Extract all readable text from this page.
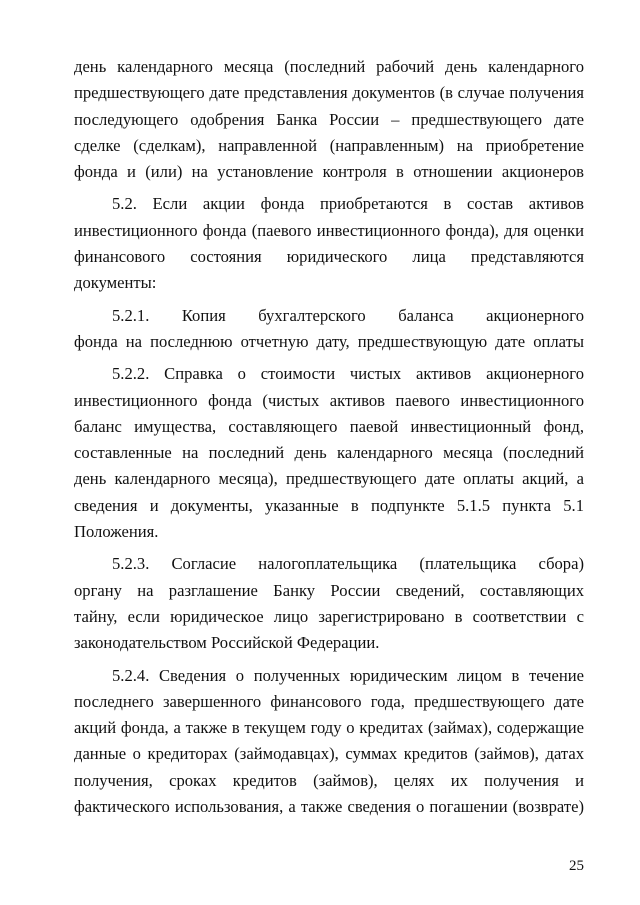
день календарного месяца (последний рабочий день календарного
предшествующего дате представления документов (в случае получения
последующего одобрения Банка России – предшествующего дате
сделке (сделкам), направленной (направленным) на приобретение
фонда и (или) на установление контроля в отношении акционеров

5.2. Если акции фонда приобретаются в состав активов
инвестиционного фонда (паевого инвестиционного фонда), для оценки
финансового состояния юридического лица представляются
документы:

5.2.1. Копия бухгалтерского баланса акционерного
фонда на последнюю отчетную дату, предшествующую дате оплаты

5.2.2. Справка о стоимости чистых активов акционерного
инвестиционного фонда (чистых активов паевого инвестиционного
баланс имущества, составляющего паевой инвестиционный фонд,
составленные на последний день календарного месяца (последний
день календарного месяца), предшествующего дате оплаты акций, а
сведения и документы, указанные в подпункте 5.1.5 пункта 5.1
Положения.

5.2.3. Согласие налогоплательщика (плательщика сбора)
органу на разглашение Банку России сведений, составляющих
тайну, если юридическое лицо зарегистрировано в соответствии с
законодательством Российской Федерации.

5.2.4. Сведения о полученных юридическим лицом в течение
последнего завершенного финансового года, предшествующего дате
акций фонда, а также в текущем году о кредитах (займах), содержащие
данные о кредиторах (займодавцах), суммах кредитов (займов), датах
получения, сроках кредитов (займов), целях их получения и
фактического использования, а также сведения о погашении (возврате)

25
